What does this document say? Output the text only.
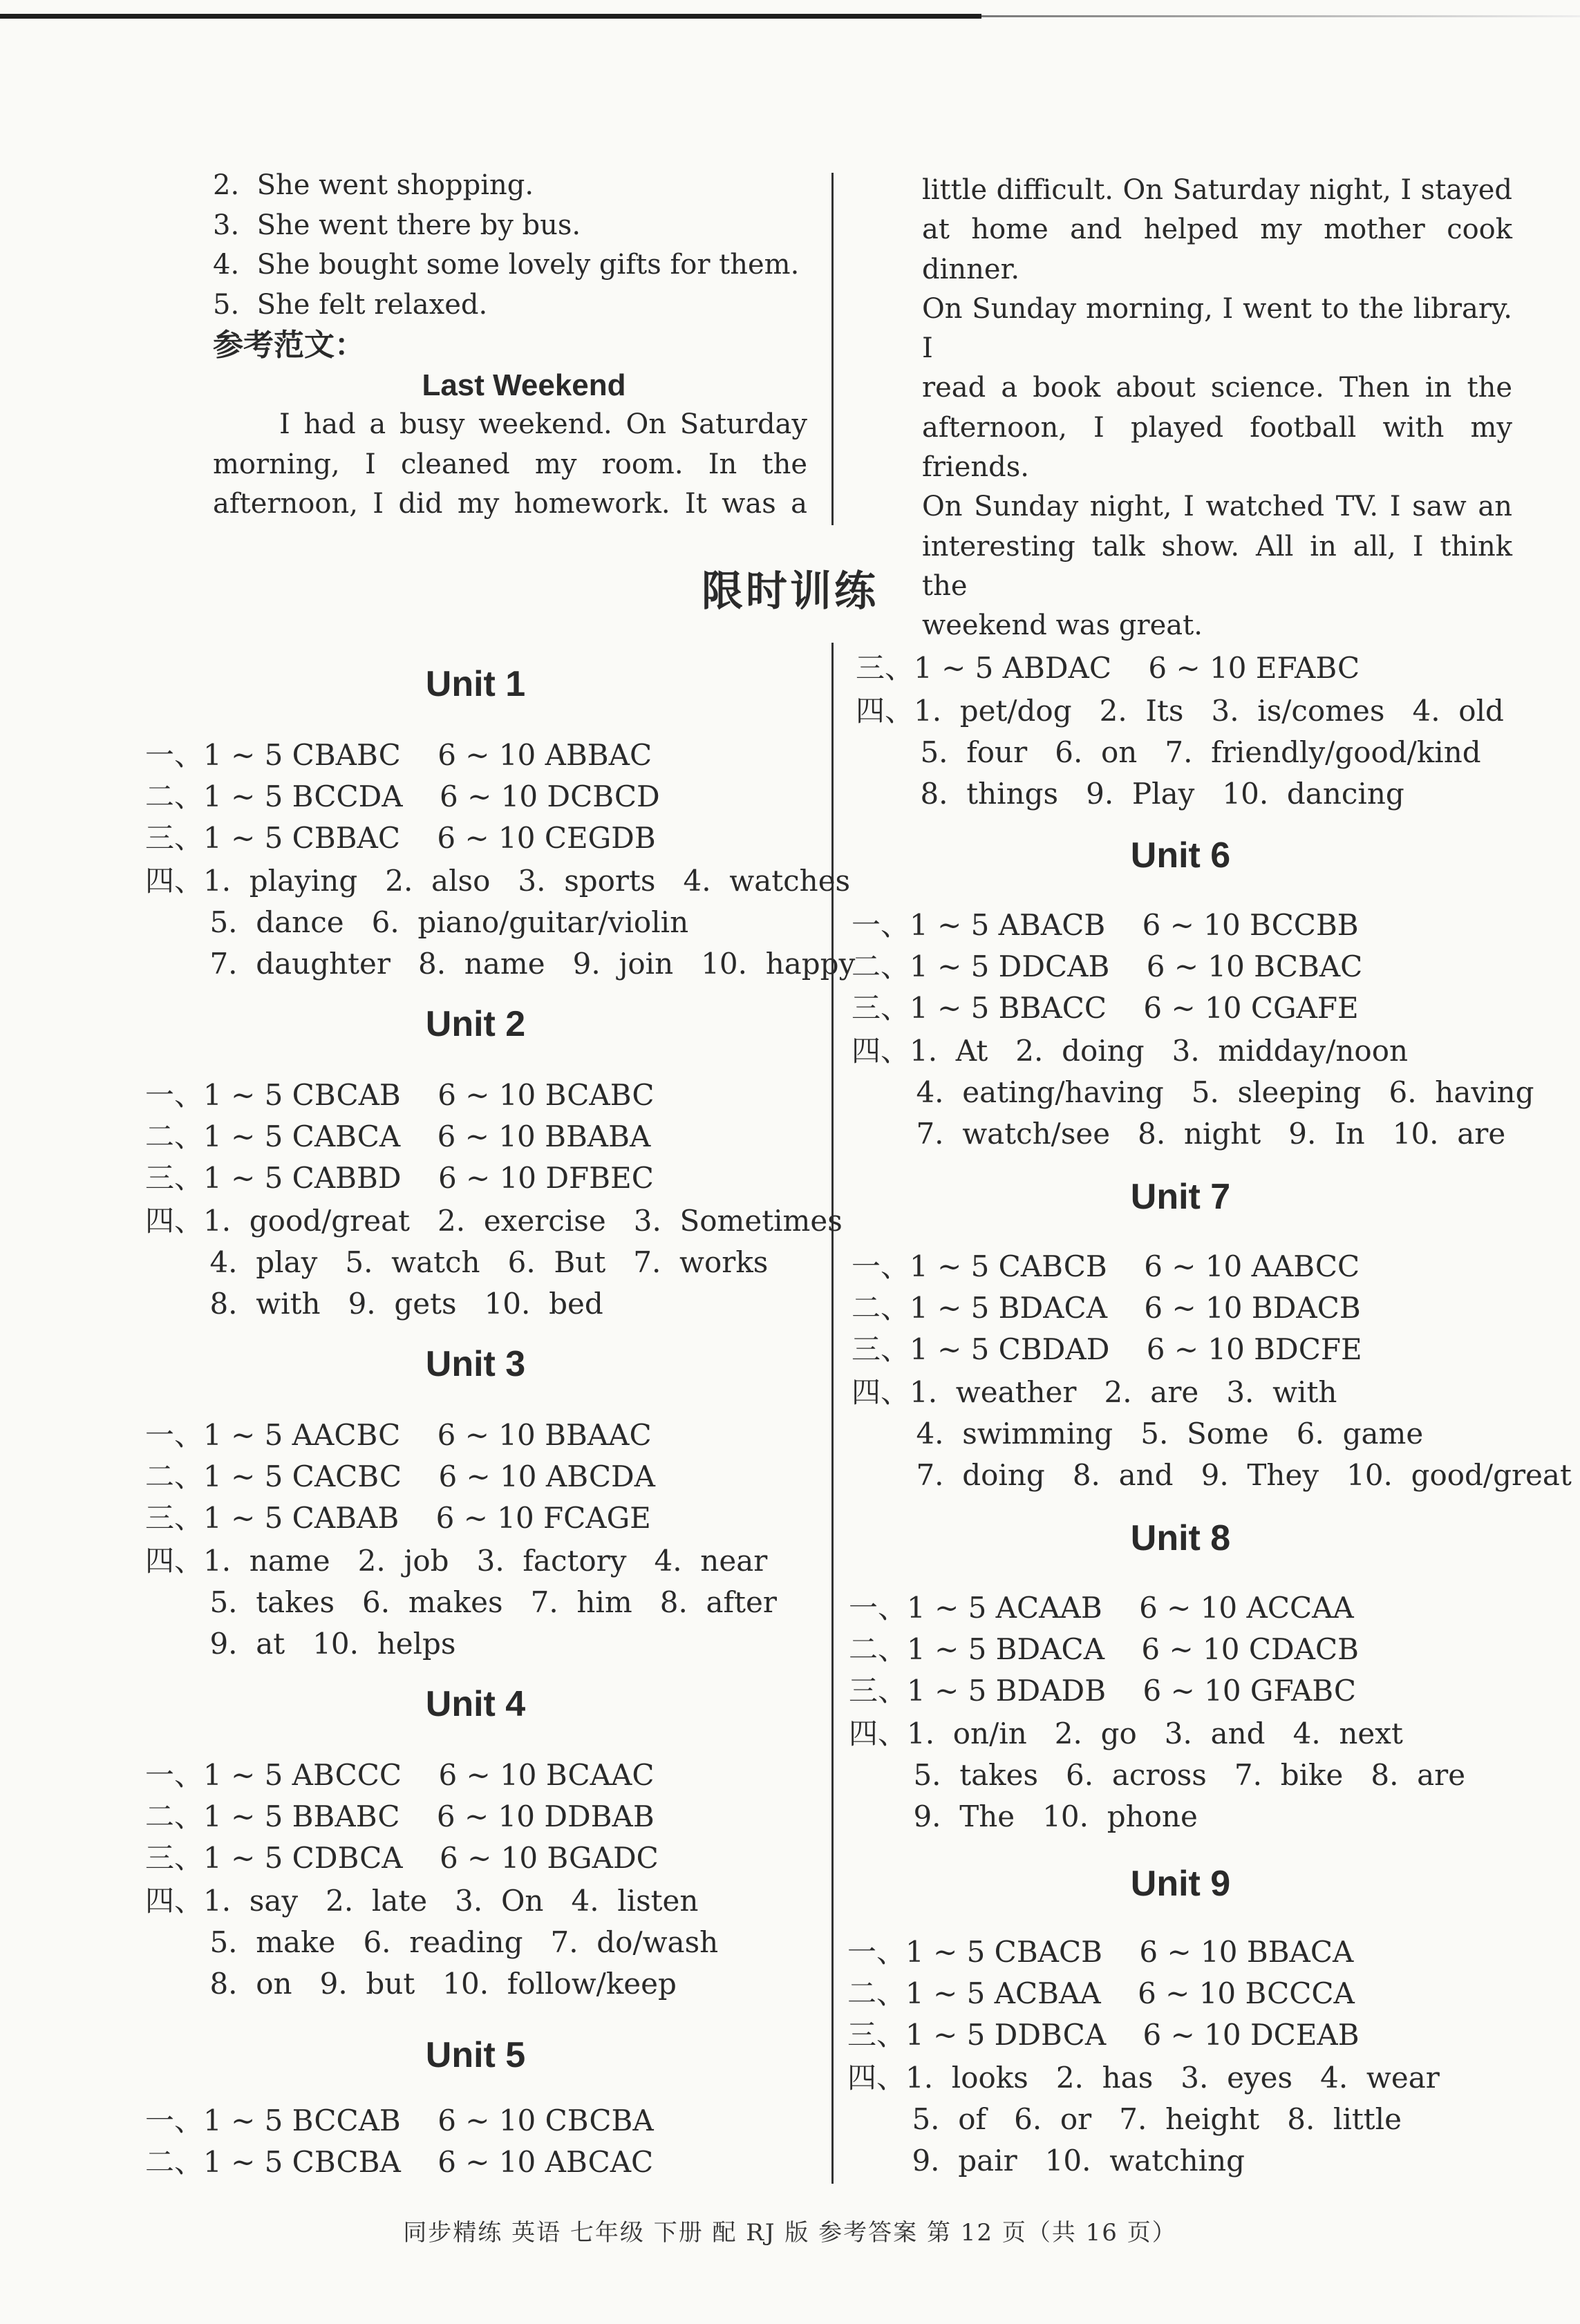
2.  She went shopping.
3.  She went there by bus.
4.  She bought some lovely gifts for them.
5.  She felt relaxed.
参考范文：
Last Weekend
I had a busy weekend. On Saturday
morning, I cleaned my room. In the
afternoon, I did my homework. It was a
little difficult. On Saturday night, I stayed
at home and helped my mother cook dinner.
On Sunday morning, I went to the library. I
read a book about science. Then in the
afternoon, I played football with my friends.
On Sunday night, I watched TV. I saw an
interesting talk show. All in all, I think the
weekend was great.
限时训练
Unit 1
一、1 ~ 5 CBABC    6 ~ 10 ABBAC
二、1 ~ 5 BCCDA    6 ~ 10 DCBCD
三、1 ~ 5 CBBAC    6 ~ 10 CEGDB
四、1.  playing   2.  also   3.  sports   4.  watches
5.  dance   6.  piano/guitar/violin
7.  daughter   8.  name   9.  join   10.  happy
Unit 2
一、1 ~ 5 CBCAB    6 ~ 10 BCABC
二、1 ~ 5 CABCA    6 ~ 10 BBABA
三、1 ~ 5 CABBD    6 ~ 10 DFBEC
四、1.  good/great   2.  exercise   3.  Sometimes
4.  play   5.  watch   6.  But   7.  works
8.  with   9.  gets   10.  bed
Unit 3
一、1 ~ 5 AACBC    6 ~ 10 BBAAC
二、1 ~ 5 CACBC    6 ~ 10 ABCDA
三、1 ~ 5 CABAB    6 ~ 10 FCAGE
四、1.  name   2.  job   3.  factory   4.  near
5.  takes   6.  makes   7.  him   8.  after
9.  at   10.  helps
Unit 4
一、1 ~ 5 ABCCC    6 ~ 10 BCAAC
二、1 ~ 5 BBABC    6 ~ 10 DDBAB
三、1 ~ 5 CDBCA    6 ~ 10 BGADC
四、1.  say   2.  late   3.  On   4.  listen
5.  make   6.  reading   7.  do/wash
8.  on   9.  but   10.  follow/keep
Unit 5
一、1 ~ 5 BCCAB    6 ~ 10 CBCBA
二、1 ~ 5 CBCBA    6 ~ 10 ABCAC
三、1 ~ 5 ABDAC    6 ~ 10 EFABC
四、1.  pet/dog   2.  Its   3.  is/comes   4.  old
5.  four   6.  on   7.  friendly/good/kind
8.  things   9.  Play   10.  dancing
Unit 6
一、1 ~ 5 ABACB    6 ~ 10 BCCBB
二、1 ~ 5 DDCAB    6 ~ 10 BCBAC
三、1 ~ 5 BBACC    6 ~ 10 CGAFE
四、1.  At   2.  doing   3.  midday/noon
4.  eating/having   5.  sleeping   6.  having
7.  watch/see   8.  night   9.  In   10.  are
Unit 7
一、1 ~ 5 CABCB    6 ~ 10 AABCC
二、1 ~ 5 BDACA    6 ~ 10 BDACB
三、1 ~ 5 CBDAD    6 ~ 10 BDCFE
四、1.  weather   2.  are   3.  with
4.  swimming   5.  Some   6.  game
7.  doing   8.  and   9.  They   10.  good/great
Unit 8
一、1 ~ 5 ACAAB    6 ~ 10 ACCAA
二、1 ~ 5 BDACA    6 ~ 10 CDACB
三、1 ~ 5 BDADB    6 ~ 10 GFABC
四、1.  on/in   2.  go   3.  and   4.  next
5.  takes   6.  across   7.  bike   8.  are
9.  The   10.  phone
Unit 9
一、1 ~ 5 CBACB    6 ~ 10 BBACA
二、1 ~ 5 ACBAA    6 ~ 10 BCCCA
三、1 ~ 5 DDBCA    6 ~ 10 DCEAB
四、1.  looks   2.  has   3.  eyes   4.  wear
5.  of   6.  or   7.  height   8.  little
9.  pair   10.  watching
同步精练 英语 七年级 下册 配 RJ 版 参考答案 第 12 页（共 16 页）
